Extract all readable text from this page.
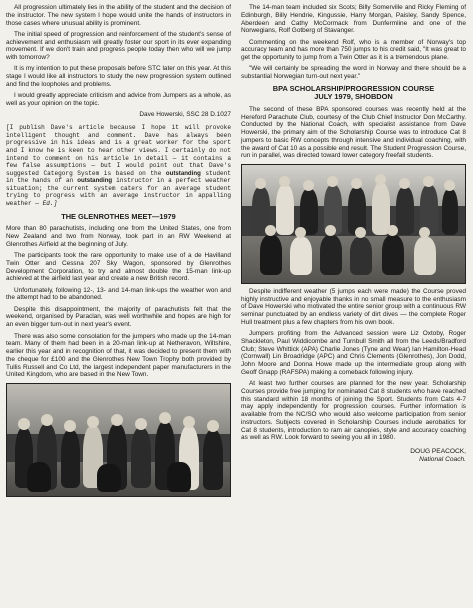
All progression ultimately lies in the ability of the student and the decision of the instructor. The new system I hope would unite the hands of instructors in those cases where unusual ability is prominent.

The initial speed of progression and reinforcement of the student's sense of achievement and enthusiasm will greatly foster our sport in its ever expanding movement. If we don't train and progress people today then who will we jump with tomorrow?

It is my intention to put these proposals before STC later on this year. At this stage I would like all instructors to study the new progression system outlined and find the loopholes and problems.

I would greatly appreciate criticism and advice from Jumpers as a whole, as well as your opinion on the topic.

Dave Howerski, SSC 28 D.1027
[I publish Dave's article because I hope it will provoke intelligent thought and comment. Dave has always been progressive in his ideas and is a great worker for the sport and I know he is keen to hear other views. I certainly do not intend to comment on his article in detail — it contains a few false assumptions — but I would point out that Dave's suggested Categorg System is based on the outstanding student in the hands of an outstanding instructor in a perfect weather situation; the current system caters for an average student trying to progress with an average instructor in appalling weather — Ed.]
THE GLENROTHES MEET—1979

More than 80 parachutists, including one from the United States, one from New Zealand and two from Norway, took part in an RW Weekend at Glenrothes Airfield at the beginning of July.

The participants took the rare opportunity to make use of a de Havilland Twin Otter and Cessna 207 Sky Wagon, sponsored by Glenrothes Development Corporation, to try and almost double the 15-man link-up achieved at the airfield last year and create a new British record.

Unfortunately, following 12-, 13- and 14-man link-ups the weather won and the attempt had to be abandoned.

Despite this disappointment, the majority of parachutists felt that the weekend, organised by Paraclan, was well worthwhile and hopes are high for an even bigger turn-out in next year's event.

There was also some consolation for the jumpers who made up the 14-man team. Many of them had been in a 20-man link-up at Netheravon, Wiltshire, earlier this year and in recognition of that, it was decided to present them with the cheque for £100 and the Glenrothes New Town Trophy both provided by Tullis Russell and Co Ltd, the largest independent paper manufacturers in the United Kingdom, who are based in the New Town.

The 14-man team included six Scots; Billy Somerville and Ricky Fleming of Edinburgh, Billy Hendrie, Kingussie, Harry Morgan, Paisley, Sandy Spence, Aberdeen and Cathy McCormack from Dunfermline and one of the Norwegians, Rolf Gotberg of Stavanger.

Commenting on the weekend Rolf, who is a member of Norway's top accuracy team and has more than 750 jumps to his credit said, "It was great to get the opportunity to jump from a Twin Otter as it is a tremendous plane.

"We will certainly be spreading the word in Norway and there should be a substantial Norwegian turn-out next year."

BPA SCHOLARSHIP/PROGRESSION COURSE
JULY 1979, SHOBDON

The second of these BPA sponsored courses was recently held at the Hereford Parachute Club, courtesy of the Club Chief Instructor Don McCarthy. Conducted by the National Coach, with specialist assistance from Dave Howerski, the primary aim of the Scholarship Course was to introduce Cat 8 jumpers to basic RW concepts through intensive and individual coaching, with the award of Cat 10 as a possible end result. The Student Progression Course, run in parallel, was directed toward lower category freefall students.

Despite indifferent weather (5 jumps each were made) the Course proved highly instructive and enjoyable thanks in no small measure to the enthusiasm of Dave Howerski who motivated the entire senior group with a continuous RW seminar punctuated by an endless variety of dirt dives — the complete Roger Hull treatment plus a few chapters from his own book.

Jumpers profiting from the Advanced session were Liz Oxtoby, Roger Shackleton, Paul Widdicombe and Turnbull Smith all from the Leeds/Bradford Club; Steve Whittick (APA) Charlie Jones (Tyne and Wear) Ian Hamilton-Head (Cornwall) Lin Broadridge (APC) and Chris Clements (Glenrothes), Jon Dodd, John Moore and Donna Howe made up the intermediate group along with Geoff Gnapp (RAFSPA) making a comeback following injury.

At least two further courses are planned for the new year. Scholarship Courses provide free jumping for nominated Cat 8 students who have reached this standard within 18 months of joining the Sport. Students from Cats 4-7 may apply independently for progression courses. Further information is available from the NC/SO who would also welcome participation from senior instructors. Subjects covered in Scholarship Courses include aerobatics for Cat 8 students, introduction to ram air canopies, style and accuracy coaching as well as RW. Look forward to seeing you all in 1980.

DOUG PEACOCK,
National Coach.
